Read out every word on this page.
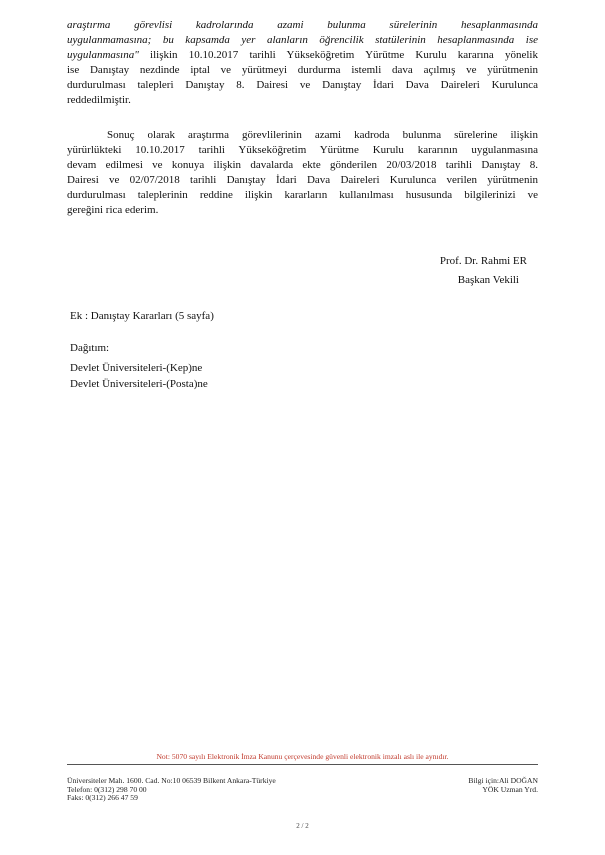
araştırma görevlisi kadrolarında azami bulunma sürelerinin hesaplanmasında
uygulanmamasına; bu kapsamda yer alanların öğrencilik statülerinin hesaplanmasında ise
uygulanmasına" ilişkin 10.10.2017 tarihli Yükseköğretim Yürütme Kurulu kararına yönelik
ise Danıştay nezdinde iptal ve yürütmeyi durdurma istemli dava açılmış ve yürütmenin
durdurulması talepleri Danıştay 8. Dairesi ve Danıştay İdari Dava Daireleri Kurulunca
reddedilmiştir.
Sonuç olarak araştırma görevlilerinin azami kadroda bulunma sürelerine ilişkin
yürürlükteki 10.10.2017 tarihli Yükseköğretim Yürütme Kurulu kararının uygulanmasına
devam edilmesi ve konuya ilişkin davalarda ekte gönderilen 20/03/2018 tarihli Danıştay 8.
Dairesi ve 02/07/2018 tarihli Danıştay İdari Dava Daireleri Kurulunca verilen yürütmenin
durdurulması taleplerinin reddine ilişkin kararların kullanılması hususunda bilgilerinizi ve
gereğini rica ederim.
Prof. Dr. Rahmi ER
Başkan Vekili
Ek : Danıştay Kararları (5 sayfa)
Dağıtım:
Devlet Üniversiteleri-(Kep)ne
Devlet Üniversiteleri-(Posta)ne
Not: 5070 sayılı Elektronik İmza Kanunu çerçevesinde güvenli elektronik imzalı aslı ile aynıdır.
Üniversiteler Mah. 1600. Cad. No:10 06539 Bilkent Ankara-Türkiye
Telefon: 0(312) 298 70 00
Faks: 0(312) 266 47 59
Bilgi için:Ali DOĞAN
YÖK Uzman Yrd.
2 / 2
